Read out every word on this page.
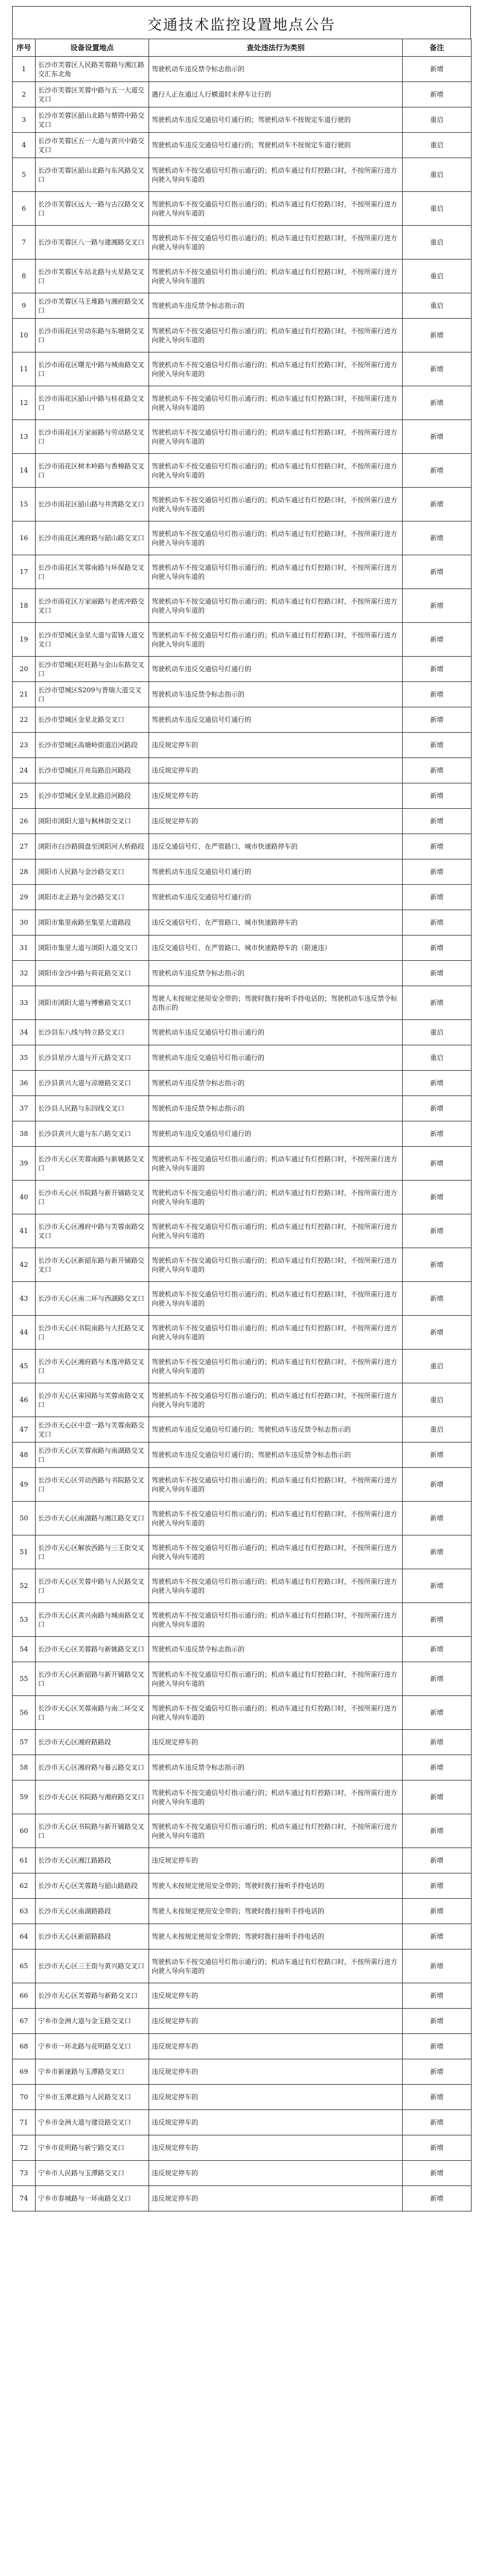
交通技术监控设置地点公告
序号	设备设置地点	查处违法行为类别	备注
1	长沙市芙蓉区人民路芙蓉路与湘江路交汇东北角	驾驶机动车违反禁令标志指示的	新增
2	长沙市芙蓉区芙蓉中路与五一大道交叉口	遇行人正在通过人行横道时未停车让行的	新增
3	长沙市芙蓉区韶山北路与蔡锷中路交叉口	驾驶机动车违反交通信号灯通行的；驾驶机动车不按规定车道行驶的	重启
4	长沙市芙蓉区五一大道与黄兴中路交叉口	驾驶机动车违反交通信号灯通行的；驾驶机动车不按规定车道行驶的	重启
5	长沙市芙蓉区韶山北路与东风路交叉口	驾驶机动车不按交通信号灯指示通行的；机动车通过有灯控路口时，不按所需行进方向驶入导向车道的	重启
6	长沙市芙蓉区远大一路与古汉路交叉口	驾驶机动车不按交通信号灯指示通行的；机动车通过有灯控路口时，不按所需行进方向驶入导向车道的	重启
7	长沙市芙蓉区八一路与建湘路交叉口	驾驶机动车不按交通信号灯指示通行的；机动车通过有灯控路口时，不按所需行进方向驶入导向车道的	重启
8	长沙市芙蓉区车站北路与火星路交叉口	驾驶机动车不按交通信号灯指示通行的；机动车通过有灯控路口时，不按所需行进方向驶入导向车道的	重启
9	长沙市芙蓉区马王堆路与湘府路交叉口	驾驶机动车违反禁令标志指示的	重启
10	长沙市雨花区劳动东路与东塘路交叉口	驾驶机动车不按交通信号灯指示通行的；机动车通过有灯控路口时，不按所需行进方向驶入导向车道的	新增
11	长沙市雨花区曙光中路与城南路交叉口	驾驶机动车不按交通信号灯指示通行的；机动车通过有灯控路口时，不按所需行进方向驶入导向车道的	新增
12	长沙市雨花区韶山中路与桂花路交叉口	驾驶机动车不按交通信号灯指示通行的；机动车通过有灯控路口时，不按所需行进方向驶入导向车道的	新增
13	长沙市雨花区万家丽路与劳动路交叉口	驾驶机动车不按交通信号灯指示通行的；机动车通过有灯控路口时，不按所需行进方向驶入导向车道的	新增
14	长沙市雨花区树木岭路与香樟路交叉口	驾驶机动车不按交通信号灯指示通行的；机动车通过有灯控路口时，不按所需行进方向驶入导向车道的	新增
15	长沙市雨花区韶山路与井湾路交叉口	驾驶机动车不按交通信号灯指示通行的；机动车通过有灯控路口时，不按所需行进方向驶入导向车道的	新增
16	长沙市雨花区湘府路与韶山路交叉口	驾驶机动车不按交通信号灯指示通行的；机动车通过有灯控路口时，不按所需行进方向驶入导向车道的	新增
17	长沙市雨花区芙蓉南路与环保路交叉口	驾驶机动车不按交通信号灯指示通行的；机动车通过有灯控路口时，不按所需行进方向驶入导向车道的	新增
18	长沙市雨花区万家丽路与老虎冲路交叉口	驾驶机动车不按交通信号灯指示通行的；机动车通过有灯控路口时，不按所需行进方向驶入导向车道的	新增
19	长沙市望城区金星大道与雷锋大道交叉口	驾驶机动车不按交通信号灯指示通行的；机动车通过有灯控路口时，不按所需行进方向驶入导向车道的	新增
20	长沙市望城区旺旺路与金山东路交叉口	驾驶机动车违反交通信号灯通行的	新增
21	长沙市望城区S209与普瑞大道交叉口	驾驶机动车违反禁令标志指示的	新增
22	长沙市望城区金星北路交叉口	驾驶机动车违反交通信号灯通行的	新增
23	长沙市望城区高塘岭街道沿河路段	违反规定停车的	新增
24	长沙市望城区月亮岛路沿河路段	违反规定停车的	新增
25	长沙市望城区金星北路沿河路段	违反规定停车的	新增
26	浏阳市浏阳大道与枫林街交叉口	违反规定停车的	新增
27	浏阳市白沙路圆盘至浏阳河大桥路段	违反交通信号灯、在严管路口、城市快速路停车的	新增
28	浏阳市人民路与金沙路交叉口	驾驶机动车违反交通信号灯通行的	新增
29	浏阳市北正路与金沙路交叉口	驾驶机动车违反交通信号灯通行的	新增
30	浏阳市集里南路至集里大道路段	违反交通信号灯、在严管路口、城市快速路停车的	新增
31	浏阳市集里大道与浏阳大道交叉口	违反交通信号灯、在严管路口、城市快速路停车的（限速违）	新增
32	浏阳市金沙中路与荷花路交叉口	驾驶机动车违反禁令标志指示的	新增
33	浏阳市浏阳大道与博雅路交叉口	驾驶人未按规定使用安全带的；驾驶时拨打接听手持电话的；驾驶机动车违反禁令标志指示的	新增
34	长沙县东八线与特立路交叉口	驾驶机动车违反交通信号灯指示通行的	重启
35	长沙县星沙大道与开元路交叉口	驾驶机动车违反交通信号灯指示通行的	重启
36	长沙县黄兴大道与凉塘路交叉口	驾驶机动车违反禁令标志指示的	新增
37	长沙县人民路与东四线交叉口	驾驶机动车违反禁令标志指示的	新增
38	长沙县黄兴大道与东六路交叉口	驾驶机动车违反交通信号灯通行的	新增
39	长沙市天心区芙蓉南路与新姚路交叉口	驾驶机动车不按交通信号灯指示通行的；机动车通过有灯控路口时，不按所需行进方向驶入导向车道的	新增
40	长沙市天心区书院路与新开铺路交叉口	驾驶机动车不按交通信号灯指示通行的；机动车通过有灯控路口时，不按所需行进方向驶入导向车道的	新增
41	长沙市天心区湘府中路与芙蓉南路交叉口	驾驶机动车不按交通信号灯指示通行的；机动车通过有灯控路口时，不按所需行进方向驶入导向车道的	新增
42	长沙市天心区新韶东路与新开铺路交叉口	驾驶机动车不按交通信号灯指示通行的；机动车通过有灯控路口时，不按所需行进方向驶入导向车道的	新增
43	长沙市天心区南二环与西湖路交叉口	驾驶机动车不按交通信号灯指示通行的；机动车通过有灯控路口时，不按所需行进方向驶入导向车道的	新增
44	长沙市天心区书院南路与大托路交叉口	驾驶机动车不按交通信号灯指示通行的；机动车通过有灯控路口时，不按所需行进方向驶入导向车道的	新增
45	长沙市天心区湘府路与木莲冲路交叉口	驾驶机动车不按交通信号灯指示通行的；机动车通过有灯控路口时，不按所需行进方向驶入导向车道的	重启
46	长沙市天心区雀园路与芙蓉南路交叉口	驾驶机动车不按交通信号灯指示通行的；机动车通过有灯控路口时，不按所需行进方向驶入导向车道的	重启
47	长沙市天心区中意一路与芙蓉南路交叉口	驾驶机动车违反交通信号灯通行的；驾驶机动车违反禁令标志指示的	重启
48	长沙市天心区芙蓉南路与南湖路交叉口	驾驶机动车违反交通信号灯通行的；驾驶机动车违反禁令标志指示的	新增
49	长沙市天心区劳动西路与书院路交叉口	驾驶机动车不按交通信号灯指示通行的；机动车通过有灯控路口时，不按所需行进方向驶入导向车道的	新增
50	长沙市天心区南湖路与湘江路交叉口	驾驶机动车不按交通信号灯指示通行的；机动车通过有灯控路口时，不按所需行进方向驶入导向车道的	新增
51	长沙市天心区解放西路与三王街交叉口	驾驶机动车不按交通信号灯指示通行的；机动车通过有灯控路口时，不按所需行进方向驶入导向车道的	新增
52	长沙市天心区芙蓉中路与人民路交叉口	驾驶机动车不按交通信号灯指示通行的；机动车通过有灯控路口时，不按所需行进方向驶入导向车道的	新增
53	长沙市天心区黄兴南路与城南路交叉口	驾驶机动车不按交通信号灯指示通行的；机动车通过有灯控路口时，不按所需行进方向驶入导向车道的	新增
54	长沙市天心区芙蓉路与新姚路交叉口	驾驶机动车违反禁令标志指示的	新增
55	长沙市天心区新韶路与新开铺路交叉口	驾驶机动车不按交通信号灯指示通行的；机动车通过有灯控路口时，不按所需行进方向驶入导向车道的	新增
56	长沙市天心区芙蓉南路与南二环交叉口	驾驶机动车不按交通信号灯指示通行的；机动车通过有灯控路口时，不按所需行进方向驶入导向车道的	新增
57	长沙市天心区湘府路路段	违反规定停车的	新增
58	长沙市天心区湘府路与暮云路交叉口	驾驶机动车违反禁令标志指示的	新增
59	长沙市天心区书院路与湘府路交叉口	驾驶机动车不按交通信号灯指示通行的；机动车通过有灯控路口时，不按所需行进方向驶入导向车道的	新增
60	长沙市天心区书院路与新开铺路交叉口	驾驶机动车不按交通信号灯指示通行的；机动车通过有灯控路口时，不按所需行进方向驶入导向车道的	新增
61	长沙市天心区湘江路路段	违反规定停车的	新增
62	长沙市天心区芙蓉路与韶山路路段	驾驶人未按规定使用安全带的；驾驶时拨打接听手持电话的	新增
63	长沙市天心区南湖路路段	驾驶人未按规定使用安全带的；驾驶时拨打接听手持电话的	新增
64	长沙市天心区新韶路路段	驾驶人未按规定使用安全带的；驾驶时拨打接听手持电话的	新增
65	长沙市天心区三王街与黄兴路交叉口	驾驶机动车不按交通信号灯指示通行的；机动车通过有灯控路口时，不按所需行进方向驶入导向车道的	新增
66	长沙市天心区芙蓉路与新路交叉口	违反规定停车的	新增
67	宁乡市金洲大道与金玉路交叉口	违反规定停车的	新增
68	宁乡市一环北路与花明路交叉口	违反规定停车的	新增
69	宁乡市新康路与玉潭路交叉口	违反规定停车的	新增
70	宁乡市玉潭北路与人民路交叉口	违反规定停车的	新增
71	宁乡市金洲大道与建设路交叉口	违反规定停车的	新增
72	宁乡市花明路与新宁路交叉口	违反规定停车的	新增
73	宁乡市人民路与玉潭路交叉口	违反规定停车的	新增
74	宁乡市春城路与一环南路交叉口	违反规定停车的	新增
